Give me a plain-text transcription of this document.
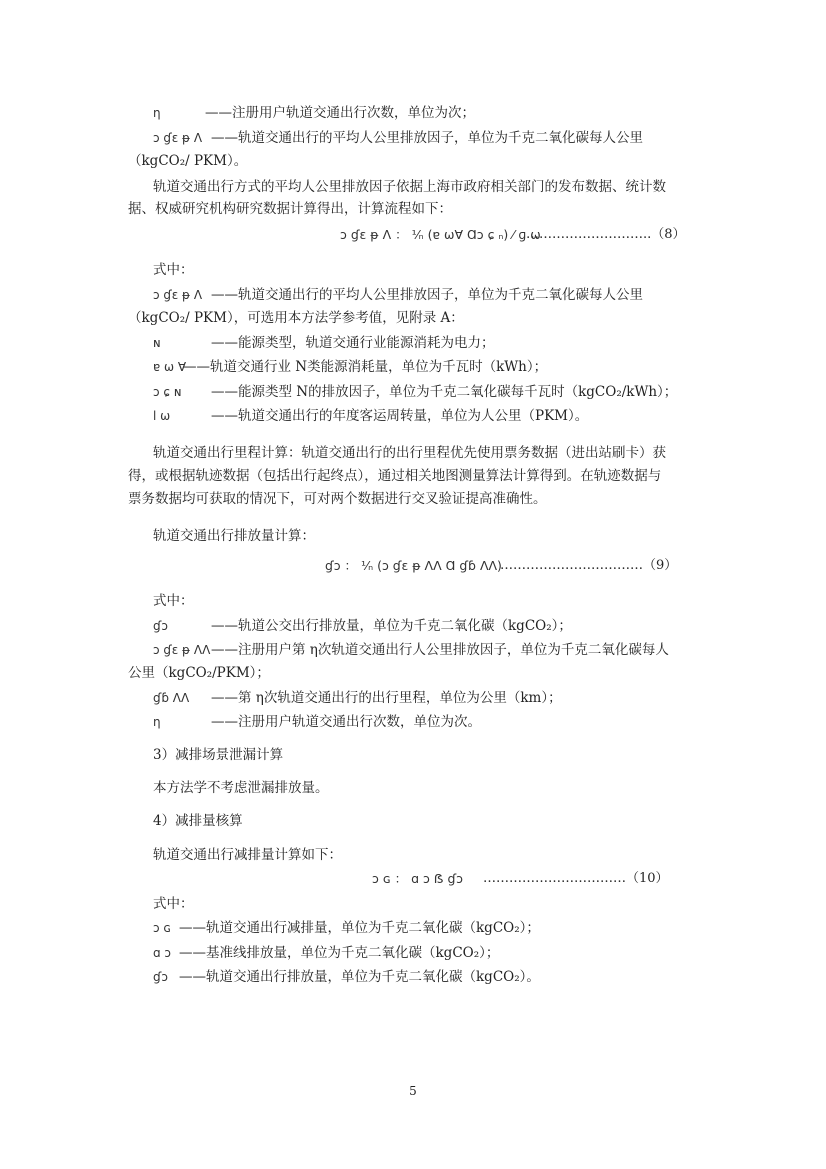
η	——注册用户轨道交通出行次数，单位为次；
ↄ ɠɛ ᵽ Ʌ ——轨道交通出行的平均人公里排放因子，单位为千克二氧化碳每人公里
（kgCO₂/ PKM）。
轨道交通出行方式的平均人公里排放因子依据上海市政府相关部门的发布数据、统计数
据、权威研究机构研究数据计算得出，计算流程如下：
ↄ ɠɛ ᵽ Ʌ ： ⅟ₙ (ɐ ωⱯ Ɑↄ ɕ ₙ) ⁄ ɡ ω
………………………..（8）
式中：
ↄ ɠɛ ᵽ Ʌ ——轨道交通出行的平均人公里排放因子，单位为千克二氧化碳每人公里
（kgCO₂/ PKM），可选用本方法学参考值，见附录 A：
ɴ	——能源类型，轨道交通行业能源消耗为电力；
ɐ ω Ɐ——轨道交通行业 N类能源消耗量，单位为千瓦时（kWh）；
ↄ ɕ ɴ ——能源类型 N的排放因子，单位为千克二氧化碳每千瓦时（kgCO₂/kWh）；
l ω	——轨道交通出行的年度客运周转量，单位为人公里（PKM）。
轨道交通出行里程计算：轨道交通出行的出行里程优先使用票务数据（进出站刷卡）获
得，或根据轨迹数据（包括出行起终点），通过相关地图测量算法计算得到。在轨迹数据与
票务数据均可获取的情况下，可对两个数据进行交叉验证提高准确性。
轨道交通出行排放量计算：
ɠↄ ： ⅟ₙ (ↄ ɠɛ ᵽ ɅɅ Ɑ ɠɓ ɅɅ)
……………………………（9）
式中：
ɠↄ	——轨道公交出行排放量，单位为千克二氧化碳（kgCO₂）；
ↄ ɠɛ ᵽ ɅɅ——注册用户第 η次轨道交通出行人公里排放因子，单位为千克二氧化碳每人
公里（kgCO₂/PKM）；
ɠɓ ɅɅ ——第 η次轨道交通出行的出行里程，单位为公里（km）；
η	——注册用户轨道交通出行次数，单位为次。
3）减排场景泄漏计算
本方法学不考虑泄漏排放量。
4）减排量核算
轨道交通出行减排量计算如下：
ↄ ɢ ： ɑ ↄ ẞ ɠↄ ……………………………（10）
式中：
ↄ ɢ ——轨道交通出行减排量，单位为千克二氧化碳（kgCO₂）；
ɑ ↄ ——基准线排放量，单位为千克二氧化碳（kgCO₂）；
ɠↄ ——轨道交通出行排放量，单位为千克二氧化碳（kgCO₂）。
5
